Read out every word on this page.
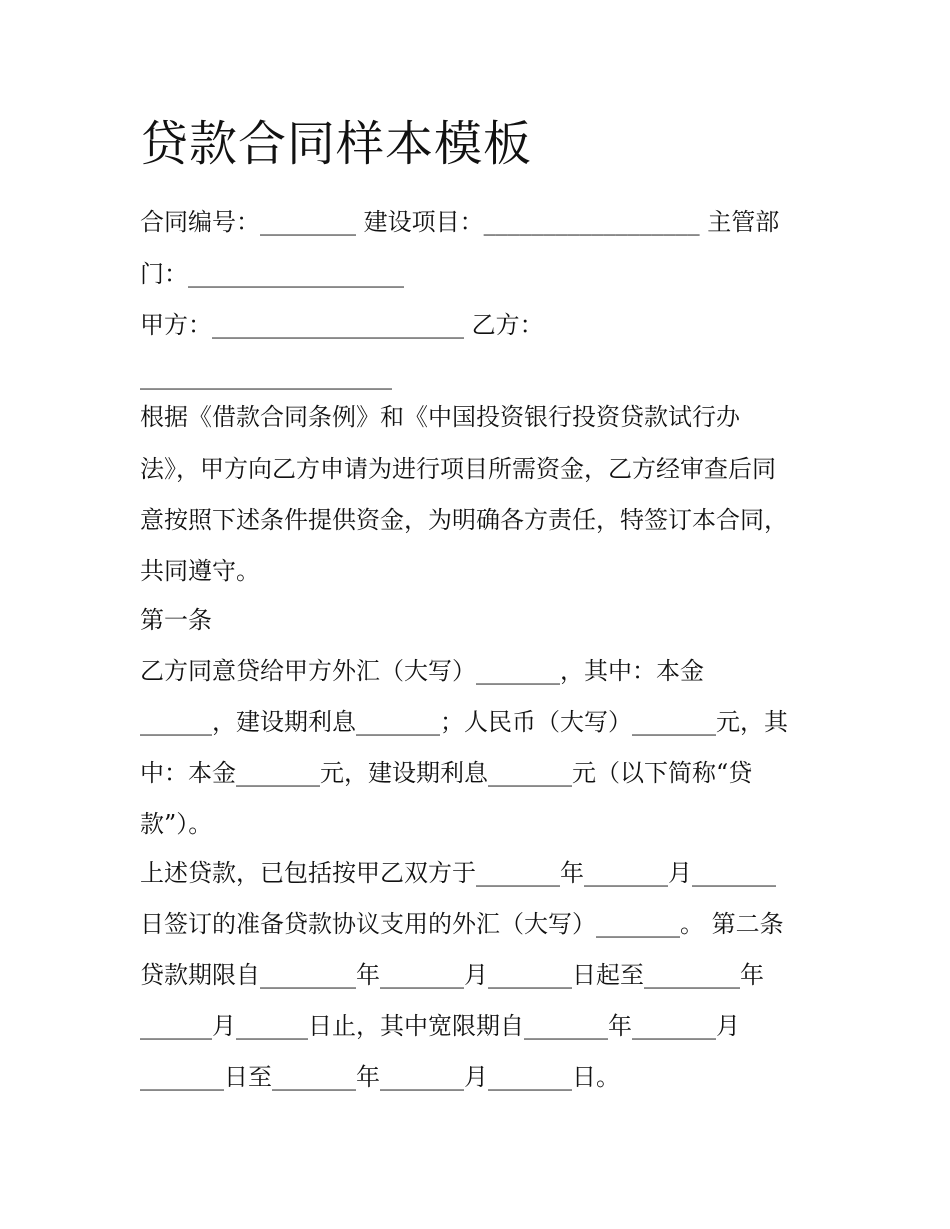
贷款合同样本模板

合同编号：________ 建设项目：__________________ 主管部

门：__________________

甲方：_____________________ 乙方：

_____________________

根据《借款合同条例》和《中国投资银行投资贷款试行办

法》，甲方向乙方申请为进行项目所需资金，乙方经审查后同

意按照下述条件提供资金，为明确各方责任，特签订本合同，

共同遵守。

第一条

乙方同意贷给甲方外汇（大写）_______，其中：本金

______，建设期利息_______；人民币（大写）_______元，其

中：本金_______元，建设期利息_______元（以下简称“贷

款”）。

上述贷款，已包括按甲乙双方于_______年_______月_______

日签订的准备贷款协议支用的外汇（大写）_______。 第二条

贷款期限自________年_______月_______日起至________年

______月______日止，其中宽限期自_______年_______月

_______日至_______年_______月_______日。
